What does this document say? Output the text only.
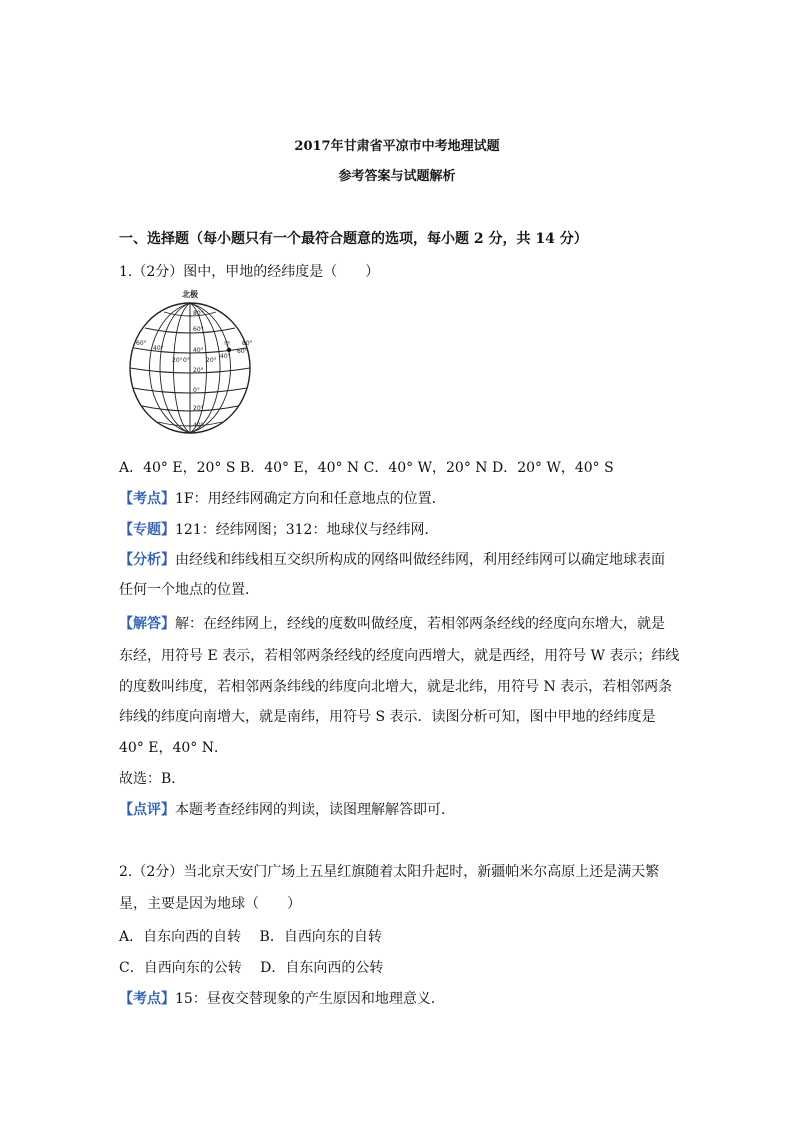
2017年甘肃省平凉市中考地理试题
参考答案与试题解析
一、选择题（每小题只有一个最符合题意的选项，每小题 2 分，共 14 分）
1.（2分）图中，甲地的经纬度是（　　）
北极
80°
60°
40°
20°
0°
20°
40°
60°
40°
20° 0°	20°
40°
80°
60°
甲
A．40° E，20° S B．40° E，40° N C．40° W，20° N D．20° W，40° S
【考点】1F：用经纬网确定方向和任意地点的位置．
【专题】121：经纬网图；312：地球仪与经纬网．
【分析】由经线和纬线相互交织所构成的网络叫做经纬网，利用经纬网可以确定地球表面
任何一个地点的位置．
【解答】解：在经纬网上，经线的度数叫做经度，若相邻两条经线的经度向东增大，就是
东经，用符号 E 表示，若相邻两条经线的经度向西增大，就是西经，用符号 W 表示；纬线
的度数叫纬度，若相邻两条纬线的纬度向北增大，就是北纬，用符号 N 表示，若相邻两条
纬线的纬度向南增大，就是南纬，用符号 S 表示．读图分析可知，图中甲地的经纬度是
40° E，40° N．
故选：B．
【点评】本题考查经纬网的判读，读图理解解答即可．
2.（2分）当北京天安门广场上五星红旗随着太阳升起时，新疆帕米尔高原上还是满天繁
星，主要是因为地球（　　）
A．自东向西的自转　 B．自西向东的自转
C．自西向东的公转　 D．自东向西的公转
【考点】15：昼夜交替现象的产生原因和地理意义．
